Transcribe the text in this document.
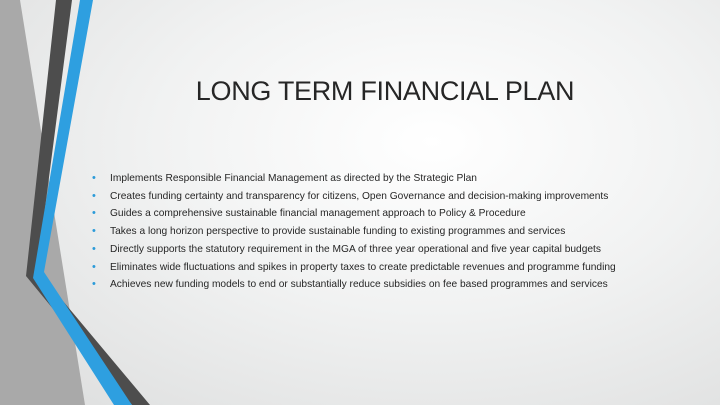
LONG TERM FINANCIAL PLAN
• Implements Responsible Financial Management as directed by the Strategic Plan
• Creates funding certainty and transparency for citizens, Open Governance and decision-making improvements
• Guides a comprehensive sustainable financial management approach to Policy & Procedure
• Takes a long horizon perspective to provide sustainable funding to existing programmes and services
• Directly supports the statutory requirement in the MGA of three year operational and five year capital budgets
• Eliminates wide fluctuations and spikes in property taxes to create predictable revenues and programme funding
• Achieves new funding models to end or substantially reduce subsidies on fee based programmes and services
